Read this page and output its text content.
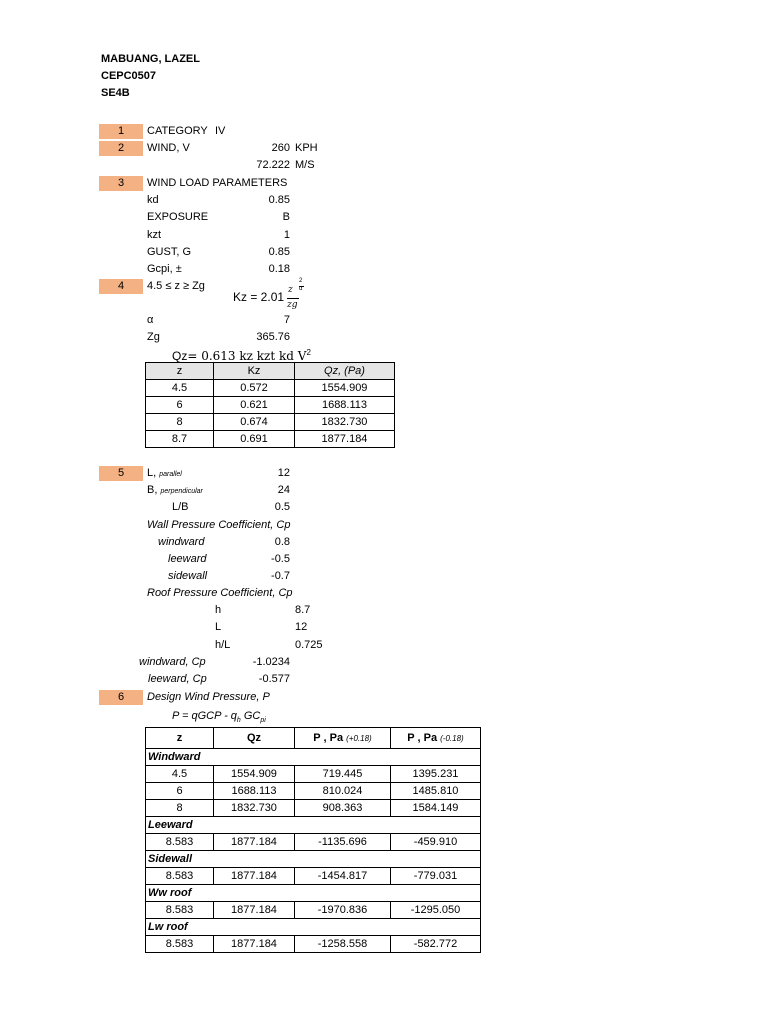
MABUANG, LAZEL
CEPC0507
SE4B
1	CATEGORY IV
2	WIND, V	260 KPH
72.222 M/S
3	WIND LOAD PARAMETERS
kd	0.85
EXPOSURE	B
kzt	1
GUST, G	0.85
Gcpi, ±	0.18
4	4.5 ≤ z ≥ Zg
Kz = 2.01 z
zg
2
α
α	7
Zg	365.76
Qz= 0.613 kz kzt kd $V^2$
z	Kz	Qz, (Pa)
4.5	0.572	1554.909
6	0.621	1688.113
8	0.674	1832.730
8.7	0.691	1877.184
5	L, parallel	12
B, perpendicular	24
L/B	0.5
Wall Pressure Coefficient, Cp
windward	0.8
leeward	-0.5
sidewall	-0.7
Roof Pressure Coefficient, Cp
h	8.7
L	12
h/L	0.725
windward, Cp	-1.0234
leeward, Cp	-0.577
6	Design Wind Pressure, P
P = qGCP - $q_h$ $GC_{pi}$
z	Qz	P , Pa (+0.18)	P , Pa (-0.18)
Windward			
4.5	1554.909	719.445	1395.231
6	1688.113	810.024	1485.810
8	1832.730	908.363	1584.149
Leeward			
8.583	1877.184	-1135.696	-459.910
Sidewall			
8.583	1877.184	-1454.817	-779.031
Ww roof			
8.583	1877.184	-1970.836	-1295.050
Lw roof			
8.583	1877.184	-1258.558	-582.772
